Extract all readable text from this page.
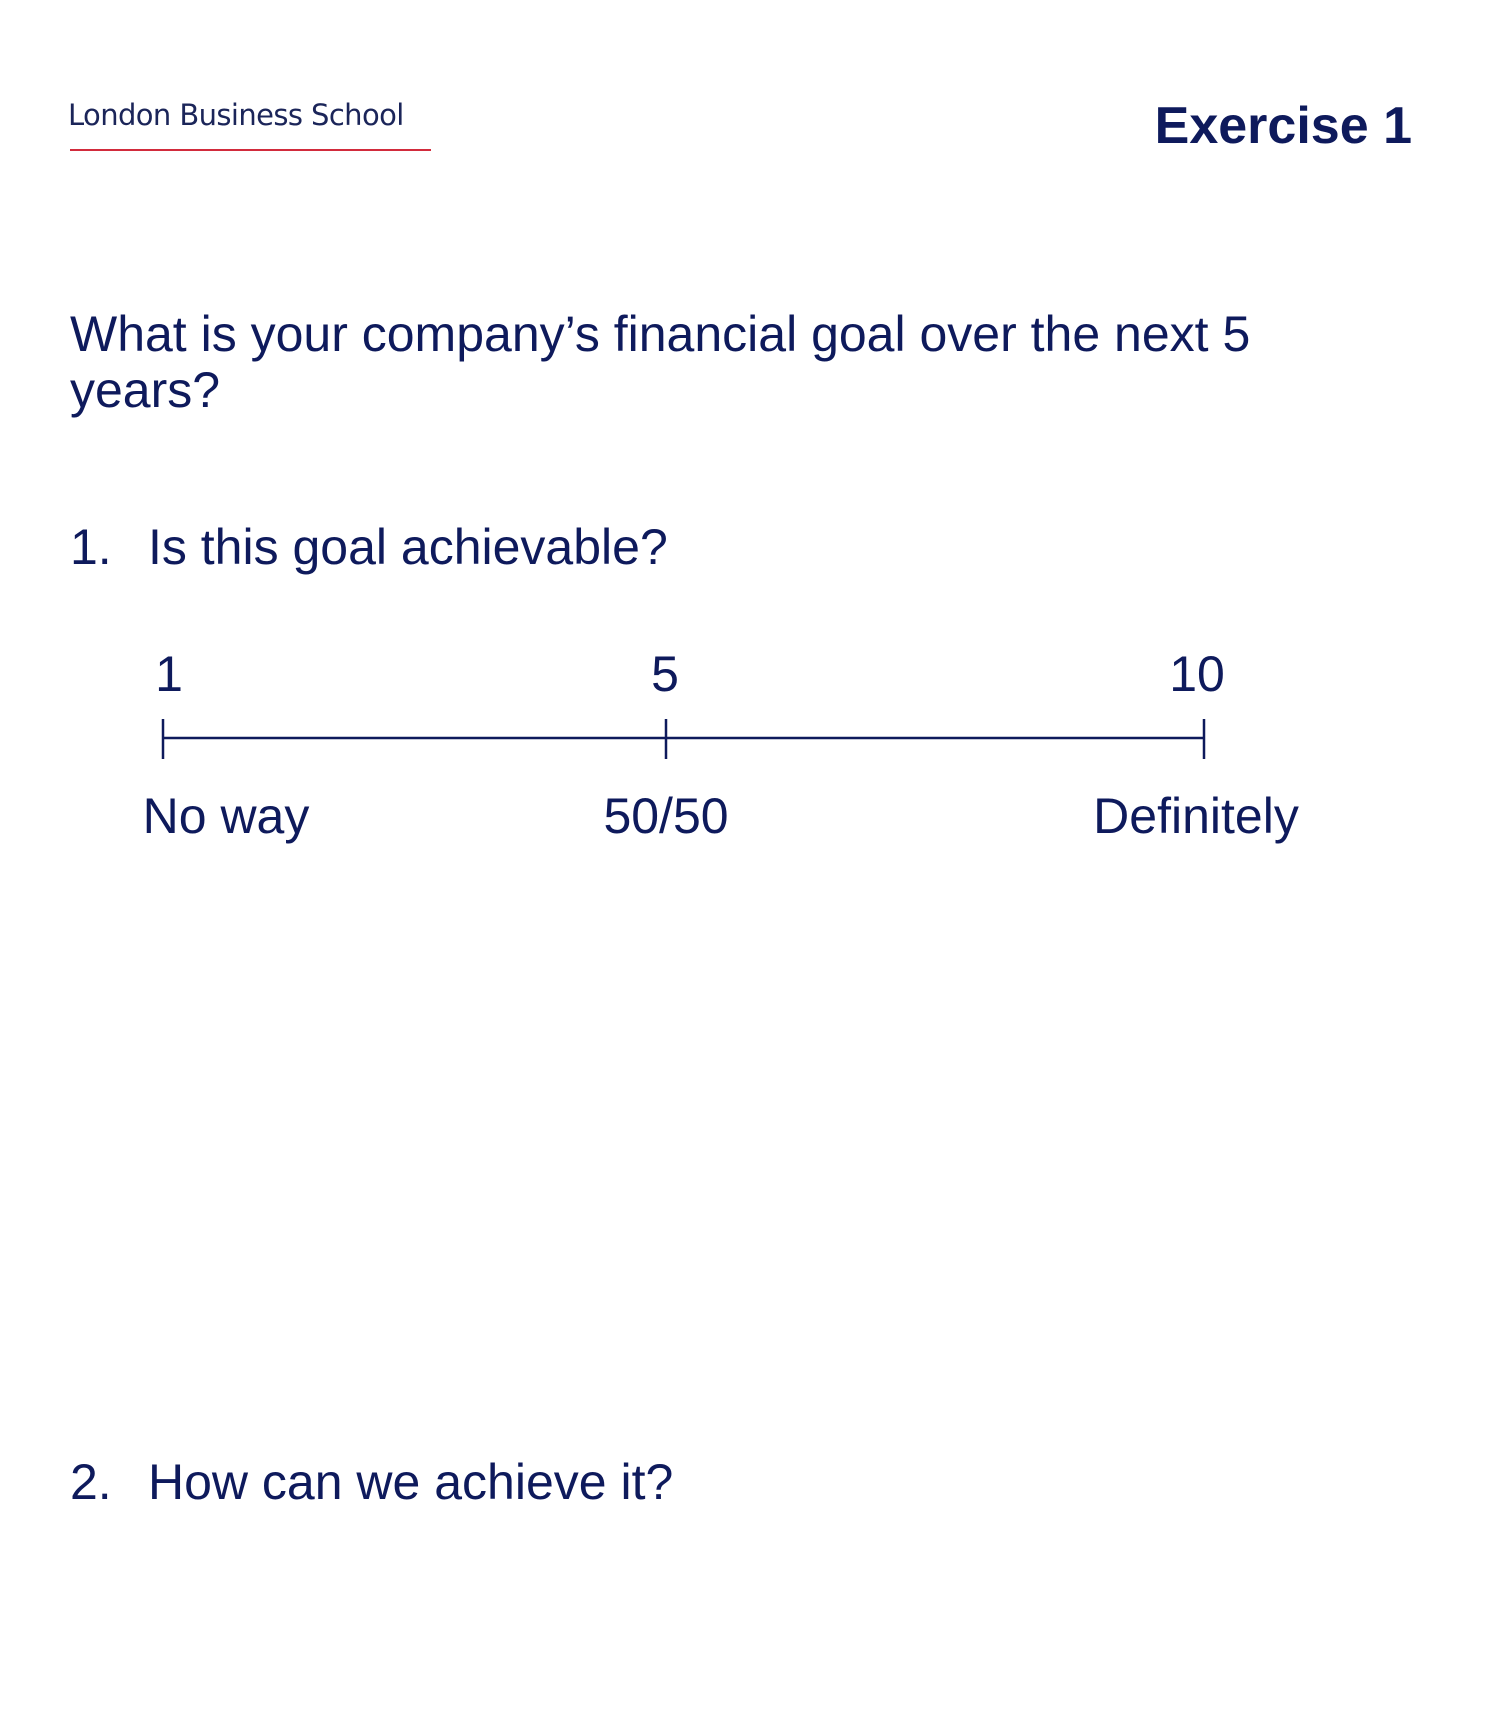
London Business School	Exercise 1
What is your company’s financial goal over the next 5 years?
1. Is this goal achievable?
1	5	10
No way	50/50	Definitely
2. How can we achieve it?
